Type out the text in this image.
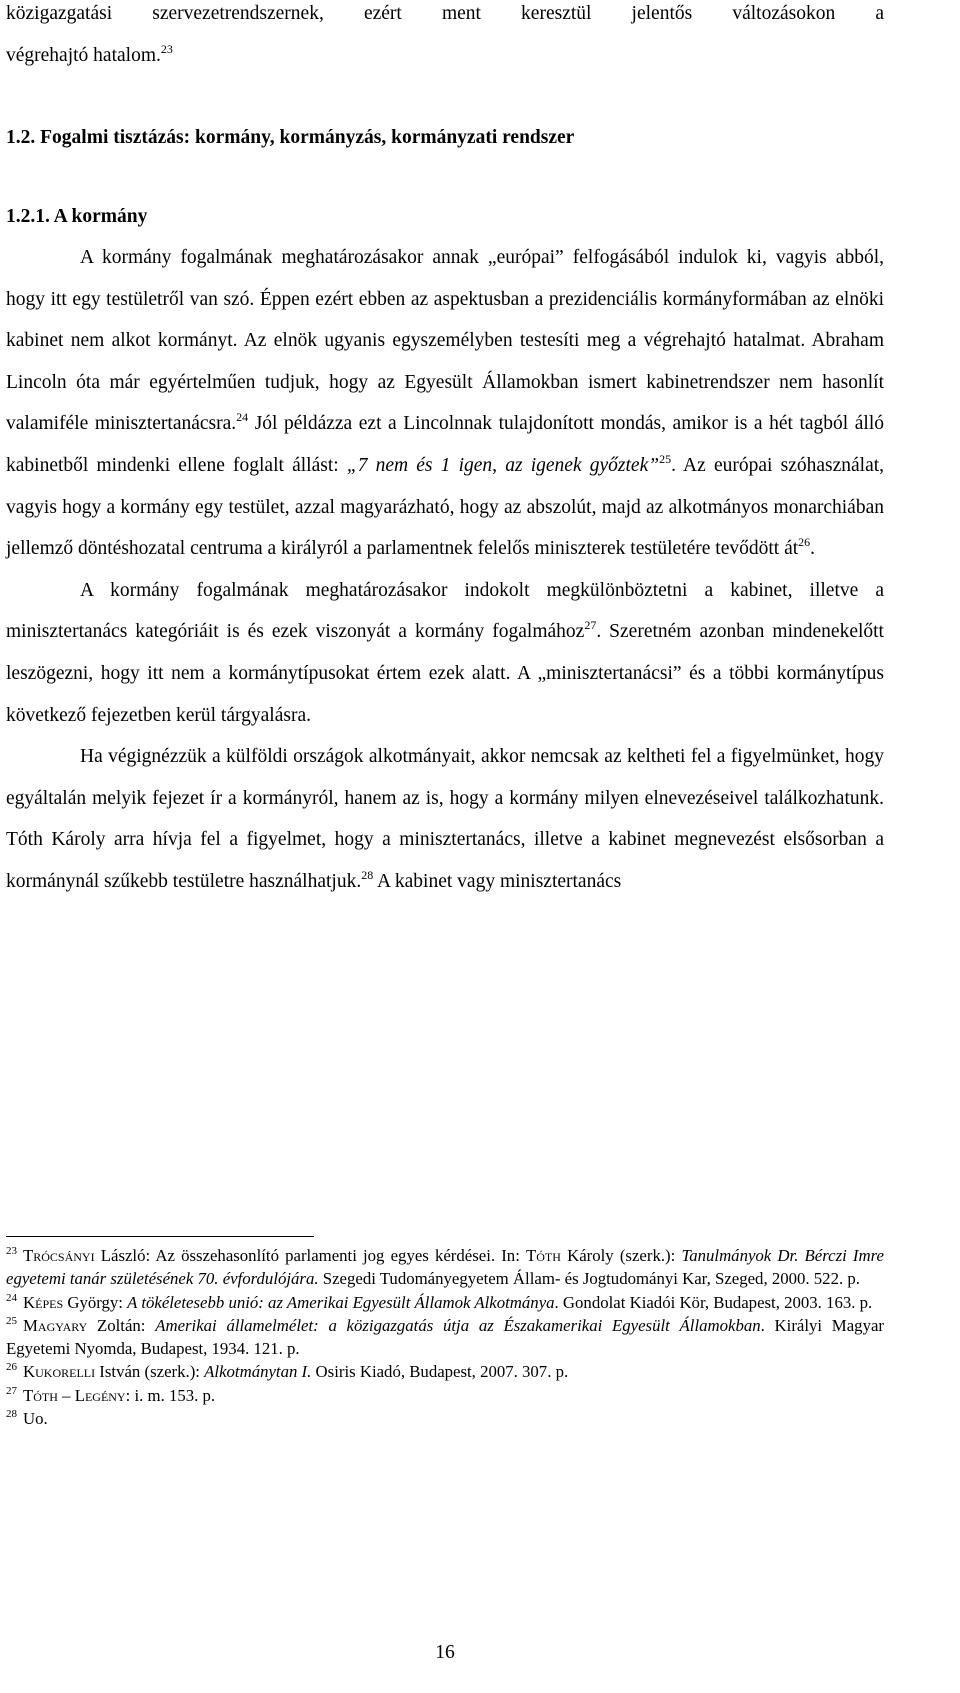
közigazgatási szervezetrendszernek, ezért ment keresztül jelentős változásokon a
végrehajtó hatalom.$^{23}$
1.2. Fogalmi tisztázás: kormány, kormányzás, kormányzati rendszer
1.2.1. A kormány

A kormány fogalmának meghatározásakor annak „európai” felfogásából indulok ki, vagyis abból, hogy itt egy testületről van szó. Éppen ezért ebben az aspektusban a prezidenciális kormányformában az elnöki kabinet nem alkot kormányt. Az elnök ugyanis egyszemélyben testesíti meg a végrehajtó hatalmat. Abraham Lincoln óta már egyértelműen tudjuk, hogy az Egyesült Államokban ismert kabinetrendszer nem hasonlít valamiféle minisztertanácsra.$^{24}$ Jól példázza ezt a Lincolnnak tulajdonított mondás, amikor is a hét tagból álló kabinetből mindenki ellene foglalt állást: „7 nem és 1 igen, az igenek győztek”$^{25}$. Az európai szóhasználat, vagyis hogy a kormány egy testület, azzal magyarázható, hogy az abszolút, majd az alkotmányos monarchiában jellemző döntéshozatal centruma a királyról a parlamentnek felelős miniszterek testületére tevődött $át^{26}$.

A kormány fogalmának meghatározásakor indokolt megkülönböztetni a kabinet, illetve a minisztertanács kategóriáit is és ezek viszonyát a kormány fogalmához$^{27}$. Szeretném azonban mindenekelőtt leszögezni, hogy itt nem a kormánytípusokat értem ezek alatt. A „minisztertanácsi” és a többi kormánytípus következő fejezetben kerül tárgyalásra.

Ha végignézzük a külföldi országok alkotmányait, akkor nemcsak az keltheti fel a figyelmünket, hogy egyáltalán melyik fejezet ír a kormányról, hanem az is, hogy a kormány milyen elnevezéseivel találkozhatunk. Tóth Károly arra hívja fel a figyelmet, hogy a minisztertanács, illetve a kabinet megnevezést elsősorban a kormánynál szűkebb testületre használhatjuk.$^{28}$ A kabinet vagy minisztertanács

$^{23}$ Trócsányi László: Az összehasonlító parlamenti jog egyes kérdései. In: Tóth Károly (szerk.): Tanulmányok Dr. Bérczi Imre egyetemi tanár születésének 70. évfordulójára. Szegedi Tudományegyetem Állam- és Jogtudományi Kar, Szeged, 2000. 522. p.

$^{24}$ Képes György: A tökéletesebb unió: az Amerikai Egyesült Államok Alkotmánya. Gondolat Kiadói Kör, Budapest, 2003. 163. p.

$^{25}$ Magyary Zoltán: Amerikai államelmélet: a közigazgatás útja az Északamerikai Egyesült Államokban. Királyi Magyar Egyetemi Nyomda, Budapest, 1934. 121. p.

$^{26}$ Kukorelli István (szerk.): Alkotmánytan I. Osiris Kiadó, Budapest, 2007. 307. p.

$^{27}$ Tóth – Legény: i. m. 153. p.

$^{28}$ Uo.

16
